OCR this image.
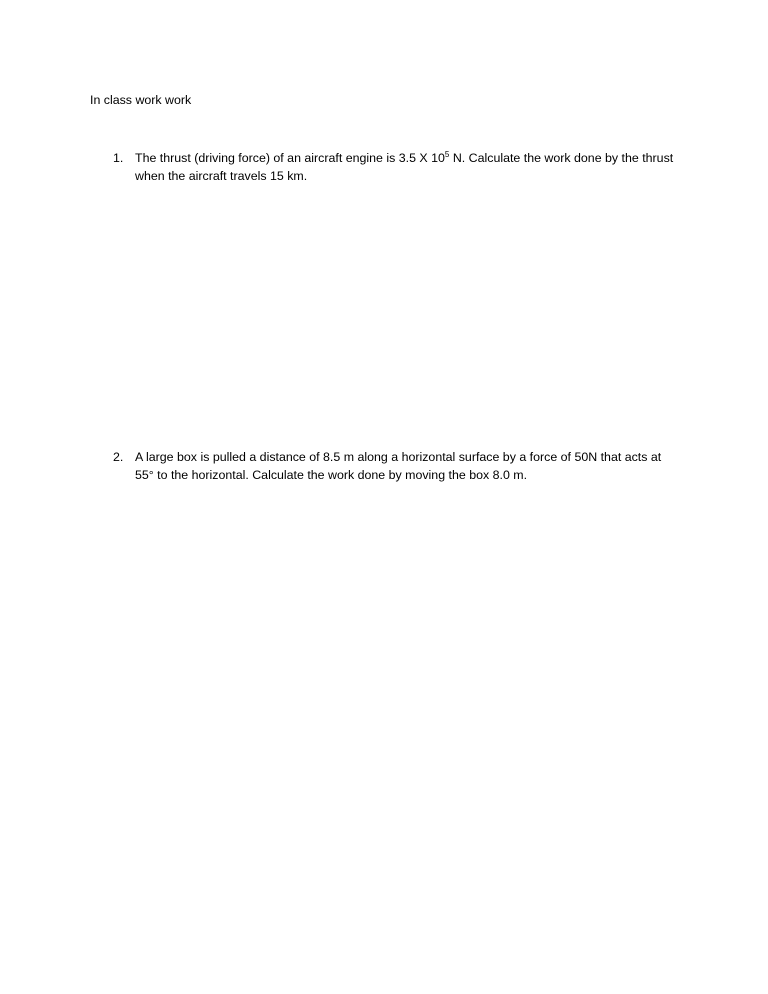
In class work work
1. The thrust (driving force) of an aircraft engine is 3.5 X $10^5$ N. Calculate the work done by the thrust when the aircraft travels 15 km.
2. A large box is pulled a distance of 8.5 m along a horizontal surface by a force of 50N that acts at 55° to the horizontal. Calculate the work done by moving the box 8.0 m.
